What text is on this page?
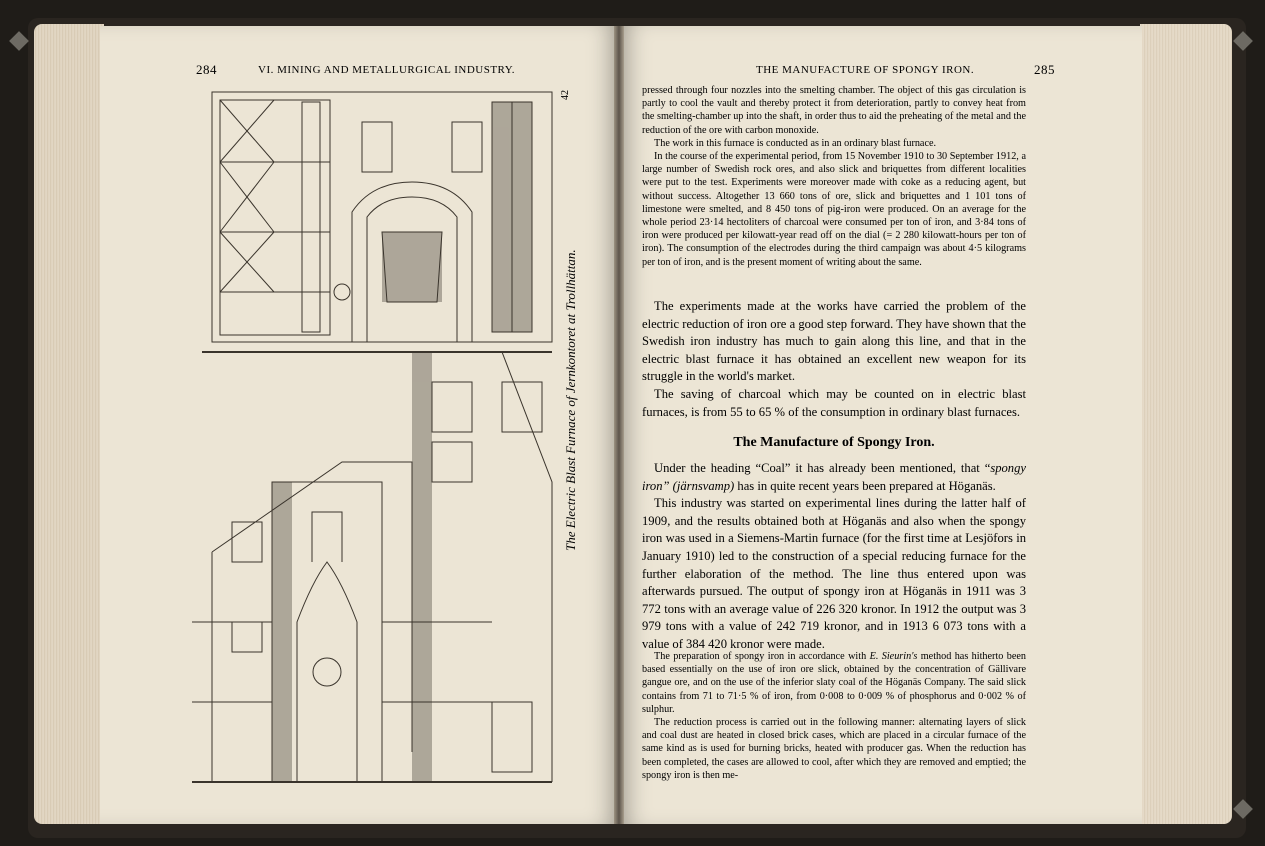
284	VI. MINING AND METALLURGICAL INDUSTRY.
42
The Electric Blast Furnace of Jernkontoret at Trollhättan.
THE MANUFACTURE OF SPONGY IRON.	285

pressed through four nozzles into the smelting chamber. The object of this gas circulation is partly to cool the vault and thereby protect it from deterioration, partly to convey heat from the smelting-chamber up into the shaft, in order thus to aid the preheating of the metal and the reduction of the ore with carbon monoxide.

The work in this furnace is conducted as in an ordinary blast furnace.

In the course of the experimental period, from 15 November 1910 to 30 September 1912, a large number of Swedish rock ores, and also slick and briquettes from different localities were put to the test. Experiments were moreover made with coke as a reducing agent, but without success. Altogether 13 660 tons of ore, slick and briquettes and 1 101 tons of limestone were smelted, and 8 450 tons of pig-iron were produced. On an average for the whole period 23·14 hectoliters of charcoal were consumed per ton of iron, and 3·84 tons of iron were produced per kilowatt-year read off on the dial (= 2 280 kilowatt-hours per ton of iron). The consumption of the electrodes during the third campaign was about 4·5 kilograms per ton of iron, and is the present moment of writing about the same.

The experiments made at the works have carried the problem of the electric reduction of iron ore a good step forward. They have shown that the Swedish iron industry has much to gain along this line, and that in the electric blast furnace it has obtained an excellent new weapon for its struggle in the world's market.

The saving of charcoal which may be counted on in electric blast furnaces, is from 55 to 65 % of the consumption in ordinary blast furnaces.

The Manufacture of Spongy Iron.

Under the heading “Coal” it has already been mentioned, that “spongy iron” (järnsvamp) has in quite recent years been prepared at Höganäs.

This industry was started on experimental lines during the latter half of 1909, and the results obtained both at Höganäs and also when the spongy iron was used in a Siemens-Martin furnace (for the first time at Lesjöfors in January 1910) led to the construction of a special reducing furnace for the further elaboration of the method. The line thus entered upon was afterwards pursued. The output of spongy iron at Höganäs in 1911 was 3 772 tons with an average value of 226 320 kronor. In 1912 the output was 3 979 tons with a value of 242 719 kronor, and in 1913 6 073 tons with a value of 384 420 kronor were made.

The preparation of spongy iron in accordance with E. Sieurin's method has hitherto been based essentially on the use of iron ore slick, obtained by the concentration of Gällivare gangue ore, and on the use of the inferior slaty coal of the Höganäs Company. The said slick contains from 71 to 71·5 % of iron, from 0·008 to 0·009 % of phosphorus and 0·002 % of sulphur.

The reduction process is carried out in the following manner: alternating layers of slick and coal dust are heated in closed brick cases, which are placed in a circular furnace of the same kind as is used for burning bricks, heated with producer gas. When the reduction has been completed, the cases are allowed to cool, after which they are removed and emptied; the spongy iron is then me-
